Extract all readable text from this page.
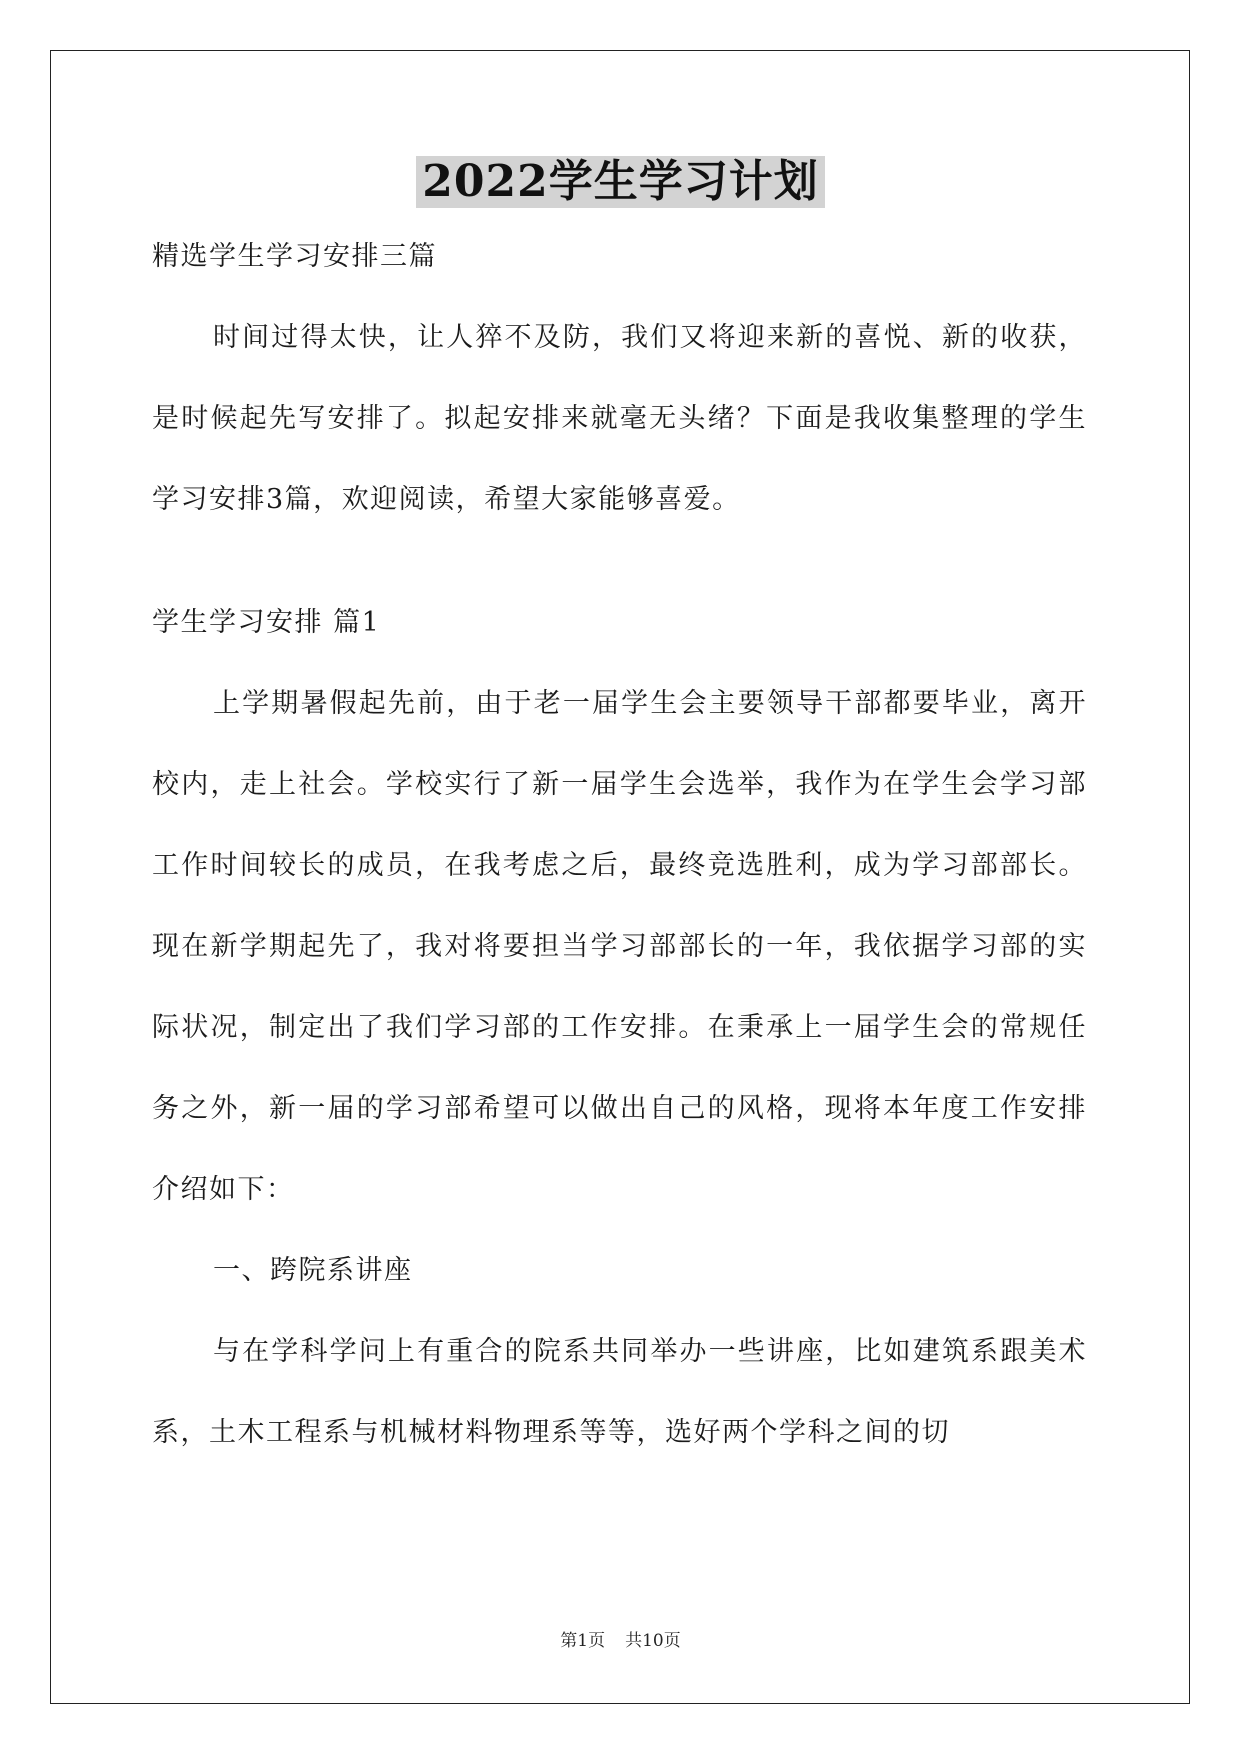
2022学生学习计划

精选学生学习安排三篇

时间过得太快，让人猝不及防，我们又将迎来新的喜悦、新的收获，是时候起先写安排了。拟起安排来就毫无头绪？下面是我收集整理的学生学习安排3篇，欢迎阅读，希望大家能够喜爱。

学生学习安排 篇1

上学期暑假起先前，由于老一届学生会主要领导干部都要毕业，离开校内，走上社会。学校实行了新一届学生会选举，我作为在学生会学习部工作时间较长的成员，在我考虑之后，最终竞选胜利，成为学习部部长。现在新学期起先了，我对将要担当学习部部长的一年，我依据学习部的实际状况，制定出了我们学习部的工作安排。在秉承上一届学生会的常规任务之外，新一届的学习部希望可以做出自己的风格，现将本年度工作安排介绍如下：

一、跨院系讲座

与在学科学问上有重合的院系共同举办一些讲座，比如建筑系跟美术系，土木工程系与机械材料物理系等等，选好两个学科之间的切

第1页 共10页
